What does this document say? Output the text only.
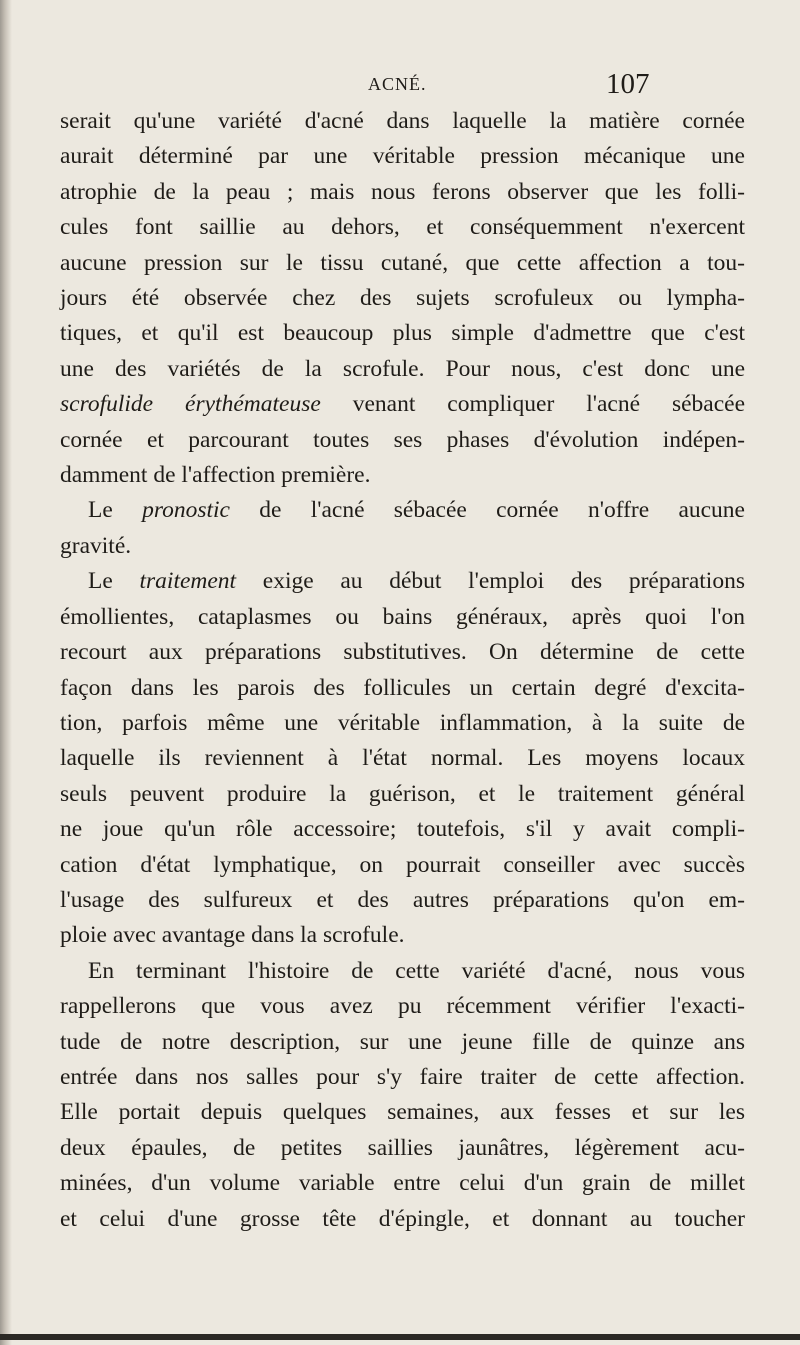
ACNÉ.	107
serait qu'une variété d'acné dans laquelle la matière cornée
aurait déterminé par une véritable pression mécanique une
atrophie de la peau ; mais nous ferons observer que les folli-
cules font saillie au dehors, et conséquemment n'exercent
aucune pression sur le tissu cutané, que cette affection a tou-
jours été observée chez des sujets scrofuleux ou lympha-
tiques, et qu'il est beaucoup plus simple d'admettre que c'est
une des variétés de la scrofule. Pour nous, c'est donc une
scrofulide érythémateuse venant compliquer l'acné sébacée
cornée et parcourant toutes ses phases d'évolution indépen-
damment de l'affection première.
Le pronostic de l'acné sébacée cornée n'offre aucune
gravité.
Le traitement exige au début l'emploi des préparations
émollientes, cataplasmes ou bains généraux, après quoi l'on
recourt aux préparations substitutives. On détermine de cette
façon dans les parois des follicules un certain degré d'excita-
tion, parfois même une véritable inflammation, à la suite de
laquelle ils reviennent à l'état normal. Les moyens locaux
seuls peuvent produire la guérison, et le traitement général
ne joue qu'un rôle accessoire; toutefois, s'il y avait compli-
cation d'état lymphatique, on pourrait conseiller avec succès
l'usage des sulfureux et des autres préparations qu'on em-
ploie avec avantage dans la scrofule.
En terminant l'histoire de cette variété d'acné, nous vous
rappellerons que vous avez pu récemment vérifier l'exacti-
tude de notre description, sur une jeune fille de quinze ans
entrée dans nos salles pour s'y faire traiter de cette affection.
Elle portait depuis quelques semaines, aux fesses et sur les
deux épaules, de petites saillies jaunâtres, légèrement acu-
minées, d'un volume variable entre celui d'un grain de millet
et celui d'une grosse tête d'épingle, et donnant au toucher
